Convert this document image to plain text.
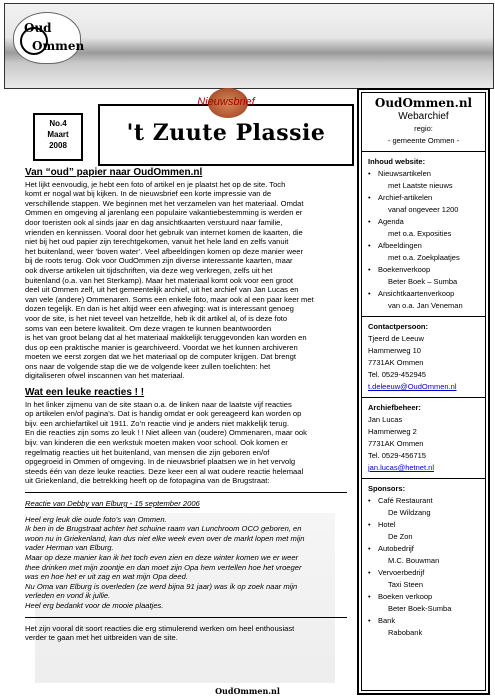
Oud
Ommen
No.4
Maart
2008
Nieuwsbrief
't Zuute Plassie
OudOmmen.nl
Webarchief
regio:
- gemeente Ommen -
Inhoud website:
• Nieuwsartikelen
met Laatste nieuws
• Archief-artikelen
vanaf ongeveer 1200
• Agenda
met o.a. Exposities
• Afbeeldingen
met o.a. Zoekplaatjes
• Boekenverkoop
Beter Boek – Sumba
• Ansichtkaartenverkoop
van o.a. Jan Veneman
Contactpersoon:
Tjeerd de Leeuw
Hammerweg 10
7731AK Ommen
Tel. 0529-452945
t.deleeuw@OudOmmen.nl
Archiefbeheer:
Jan Lucas
Hammerweg 2
7731AK Ommen
Tel. 0529-456715
jan.lucas@hetnet.nl
Sponsors:
• Café Restaurant
De Wildzang
• Hotel
De Zon
• Autobedrijf
M.C. Bouwman
• Vervoerbedrijf
Taxi Steen
• Boeken verkoop
Beter Boek-Sumba
• Bank
Rabobank
Van “oud” papier naar OudOmmen.nl

Het lijkt eenvoudig, je hebt een foto of artikel en je plaatst het op de site. Toch

komt er nogal wat bij kijken. In de nieuwsbrief een korte impressie van de

verschillende stappen. We beginnen met het verzamelen van het materiaal. Omdat

Ommen en omgeving al jarenlang een populaire vakantiebestemming is werden er

door toeristen ook al sinds jaar en dag ansichtkaarten verstuurd naar familie,

vrienden en kennissen. Vooral door het gebruik van internet komen de kaarten, die

niet bij het oud papier zijn terechtgekomen, vanuit het hele land en zelfs vanuit

het buitenland, weer ‘boven water’. Veel afbeeldingen komen op deze manier weer

bij de roots terug. Ook voor OudOmmen zijn diverse interessante kaarten, maar

ook diverse artikelen uit tijdschriften, via deze weg verkregen, zelfs uit het

buitenland (o.a. van het Sterkamp). Maar het materiaal komt ook voor een groot

deel uit Ommen zelf, uit het gemeentelijk archief, uit het archief van Jan Lucas en

van vele (andere) Ommenaren. Soms een enkele foto, maar ook al een paar keer met

dozen tegelijk. En dan is het altijd weer een afweging: wat is interessant genoeg

voor de site, is het niet teveel van hetzelfde, heb ik dit artikel al, of is deze foto

soms van een betere kwaliteit. Om deze vragen te kunnen beantwoorden

is het van groot belang dat al het materiaal makkelijk teruggevonden kan worden en

dus op een praktische manier is gearchiveerd. Voordat we het kunnen archiveren

moeten we eerst zorgen dat we het materiaal op de computer krijgen. Dat brengt

ons naar de volgende stap die we de volgende keer zullen toelichten: het

digitaliseren ofwel inscannen van het materiaal.

Wat een leuke reacties ! !

In het linker zijmenu van de site staan o.a. de linken naar de laatste vijf reacties

op artikelen en/of pagina’s. Dat is handig omdat er ook gereageerd kan worden op

bijv. een archiefartikel uit 1911. Zo’n reactie vind je anders niet makkelijk terug.

En die reacties zijn soms zo leuk ! ! Niet alleen van (oudere) Ommenaren, maar ook

bijv. van kinderen die een werkstuk moeten maken voor school. Ook komen er

regelmatig reacties uit het buitenland, van mensen die zijn geboren en/of

opgegroeid in Ommen of omgeving. In de nieuwsbrief plaatsen we in het vervolg

steeds één van deze leuke reacties. Deze keer een al wat oudere reactie helemaal

uit Griekenland, die betrekking heeft op de fotopagina van de Brugstraat:

Reactie van Debby van Elburg - 15 september 2006

Heel erg leuk die oude foto’s van Ommen.

Ik ben in de Brugstraat achter het schuine raam van Lunchroom OCO geboren, en

woon nu in Griekenland, kan dus niet elke week even over de markt lopen met mijn

vader Herman van Elburg.

Maar op deze manier kan ik het toch even zien en deze winter komen we er weer

thee drinken met mijn zoontje en dan moet zijn Opa hem vertellen hoe het vroeger

was en hoe het er uit zag en wat mijn Opa deed.

Nu Oma van Elburg is overleden (ze werd bijna 91 jaar) was ik op zoek naar mijn

verleden en vond ik jullie.

Heel erg bedankt voor de mooie plaatjes.

Het zijn vooral dit soort reacties die erg stimulerend werken om heel enthousiast

verder te gaan met het uitbreiden van de site.

OudOmmen.nl
